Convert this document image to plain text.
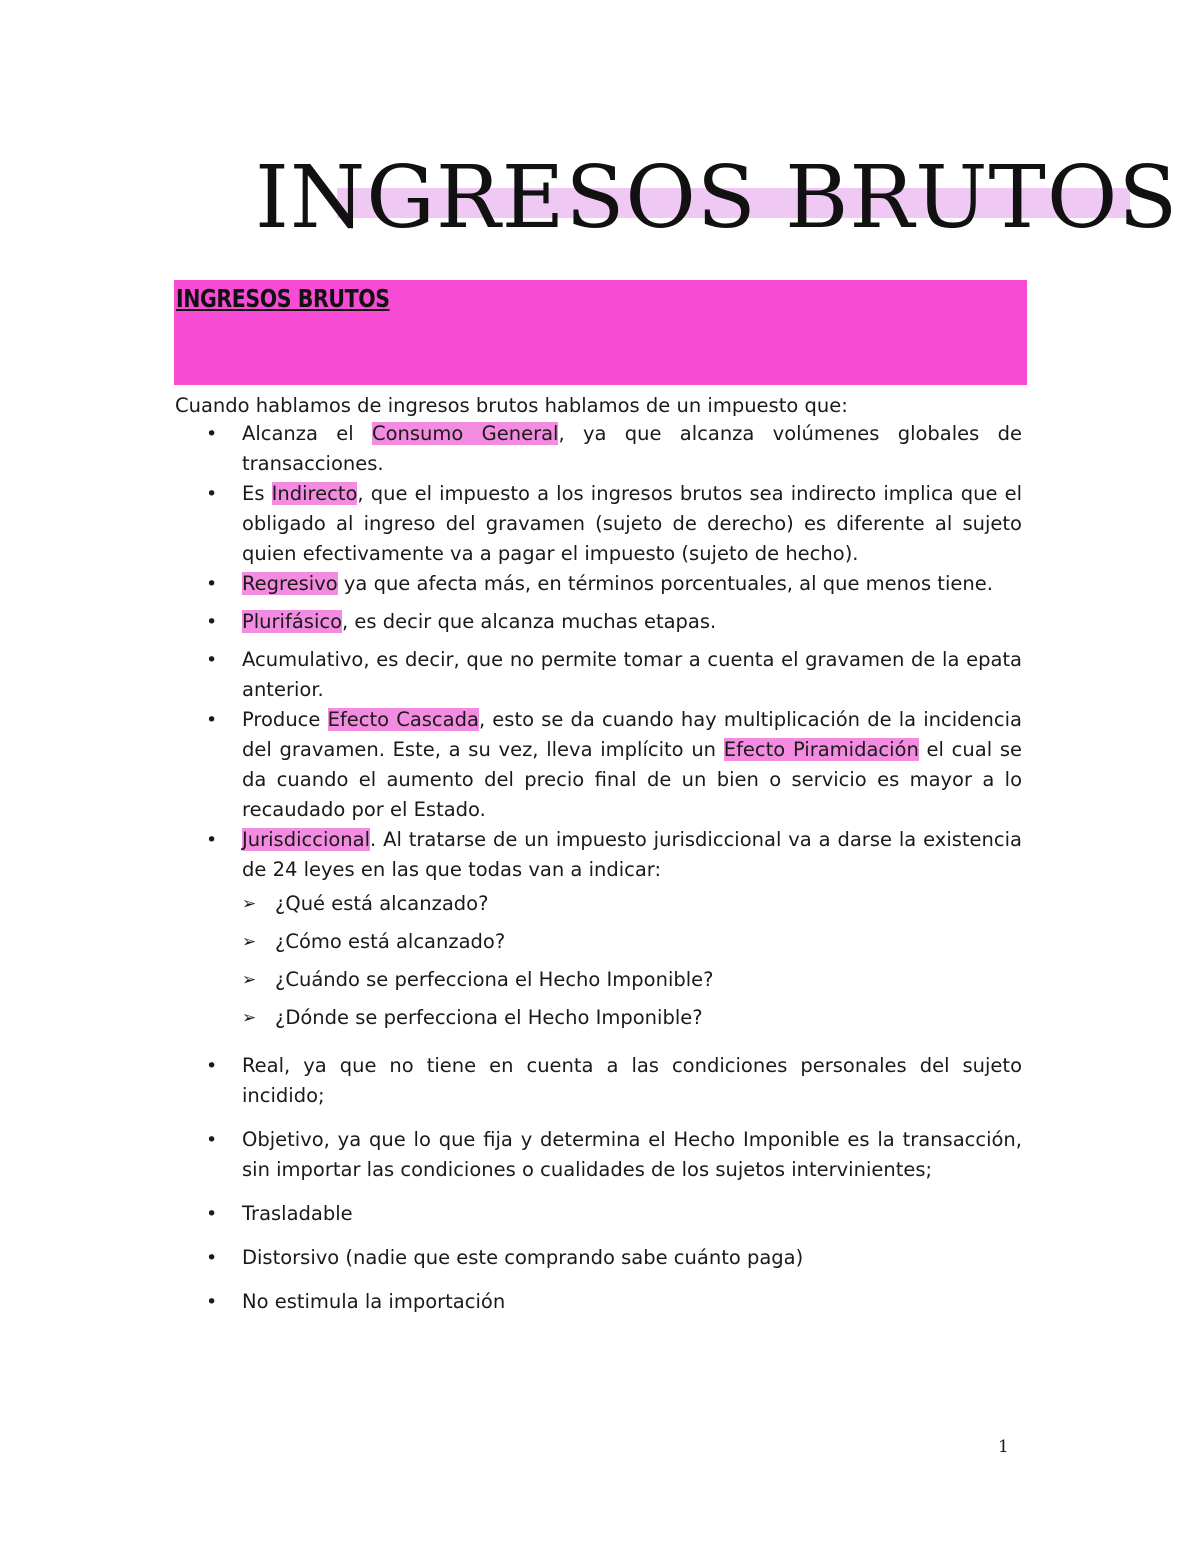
INGRESOS BRUTOS
INGRESOS BRUTOS
Cuando hablamos de ingresos brutos hablamos de un impuesto que:
• Alcanza el Consumo General, ya que alcanza volúmenes globales de transacciones.
• Es Indirecto, que el impuesto a los ingresos brutos sea indirecto implica que el obligado al ingreso del gravamen (sujeto de derecho) es diferente al sujeto quien efectivamente va a pagar el impuesto (sujeto de hecho).
• Regresivo ya que afecta más, en términos porcentuales, al que menos tiene.
• Plurifásico, es decir que alcanza muchas etapas.
• Acumulativo, es decir, que no permite tomar a cuenta el gravamen de la epata anterior.
• Produce Efecto Cascada, esto se da cuando hay multiplicación de la incidencia del gravamen. Este, a su vez, lleva implícito un Efecto Piramidación el cual se da cuando el aumento del precio final de un bien o servicio es mayor a lo recaudado por el Estado.
• Jurisdiccional. Al tratarse de un impuesto jurisdiccional va a darse la existencia de 24 leyes en las que todas van a indicar:
➢ ¿Qué está alcanzado?
➢ ¿Cómo está alcanzado?
➢ ¿Cuándo se perfecciona el Hecho Imponible?
➢ ¿Dónde se perfecciona el Hecho Imponible?
• Real, ya que no tiene en cuenta a las condiciones personales del sujeto incidido;
• Objetivo, ya que lo que fija y determina el Hecho Imponible es la transacción, sin importar las condiciones o cualidades de los sujetos intervinientes;
• Trasladable
• Distorsivo (nadie que este comprando sabe cuánto paga)
• No estimula la importación
1
